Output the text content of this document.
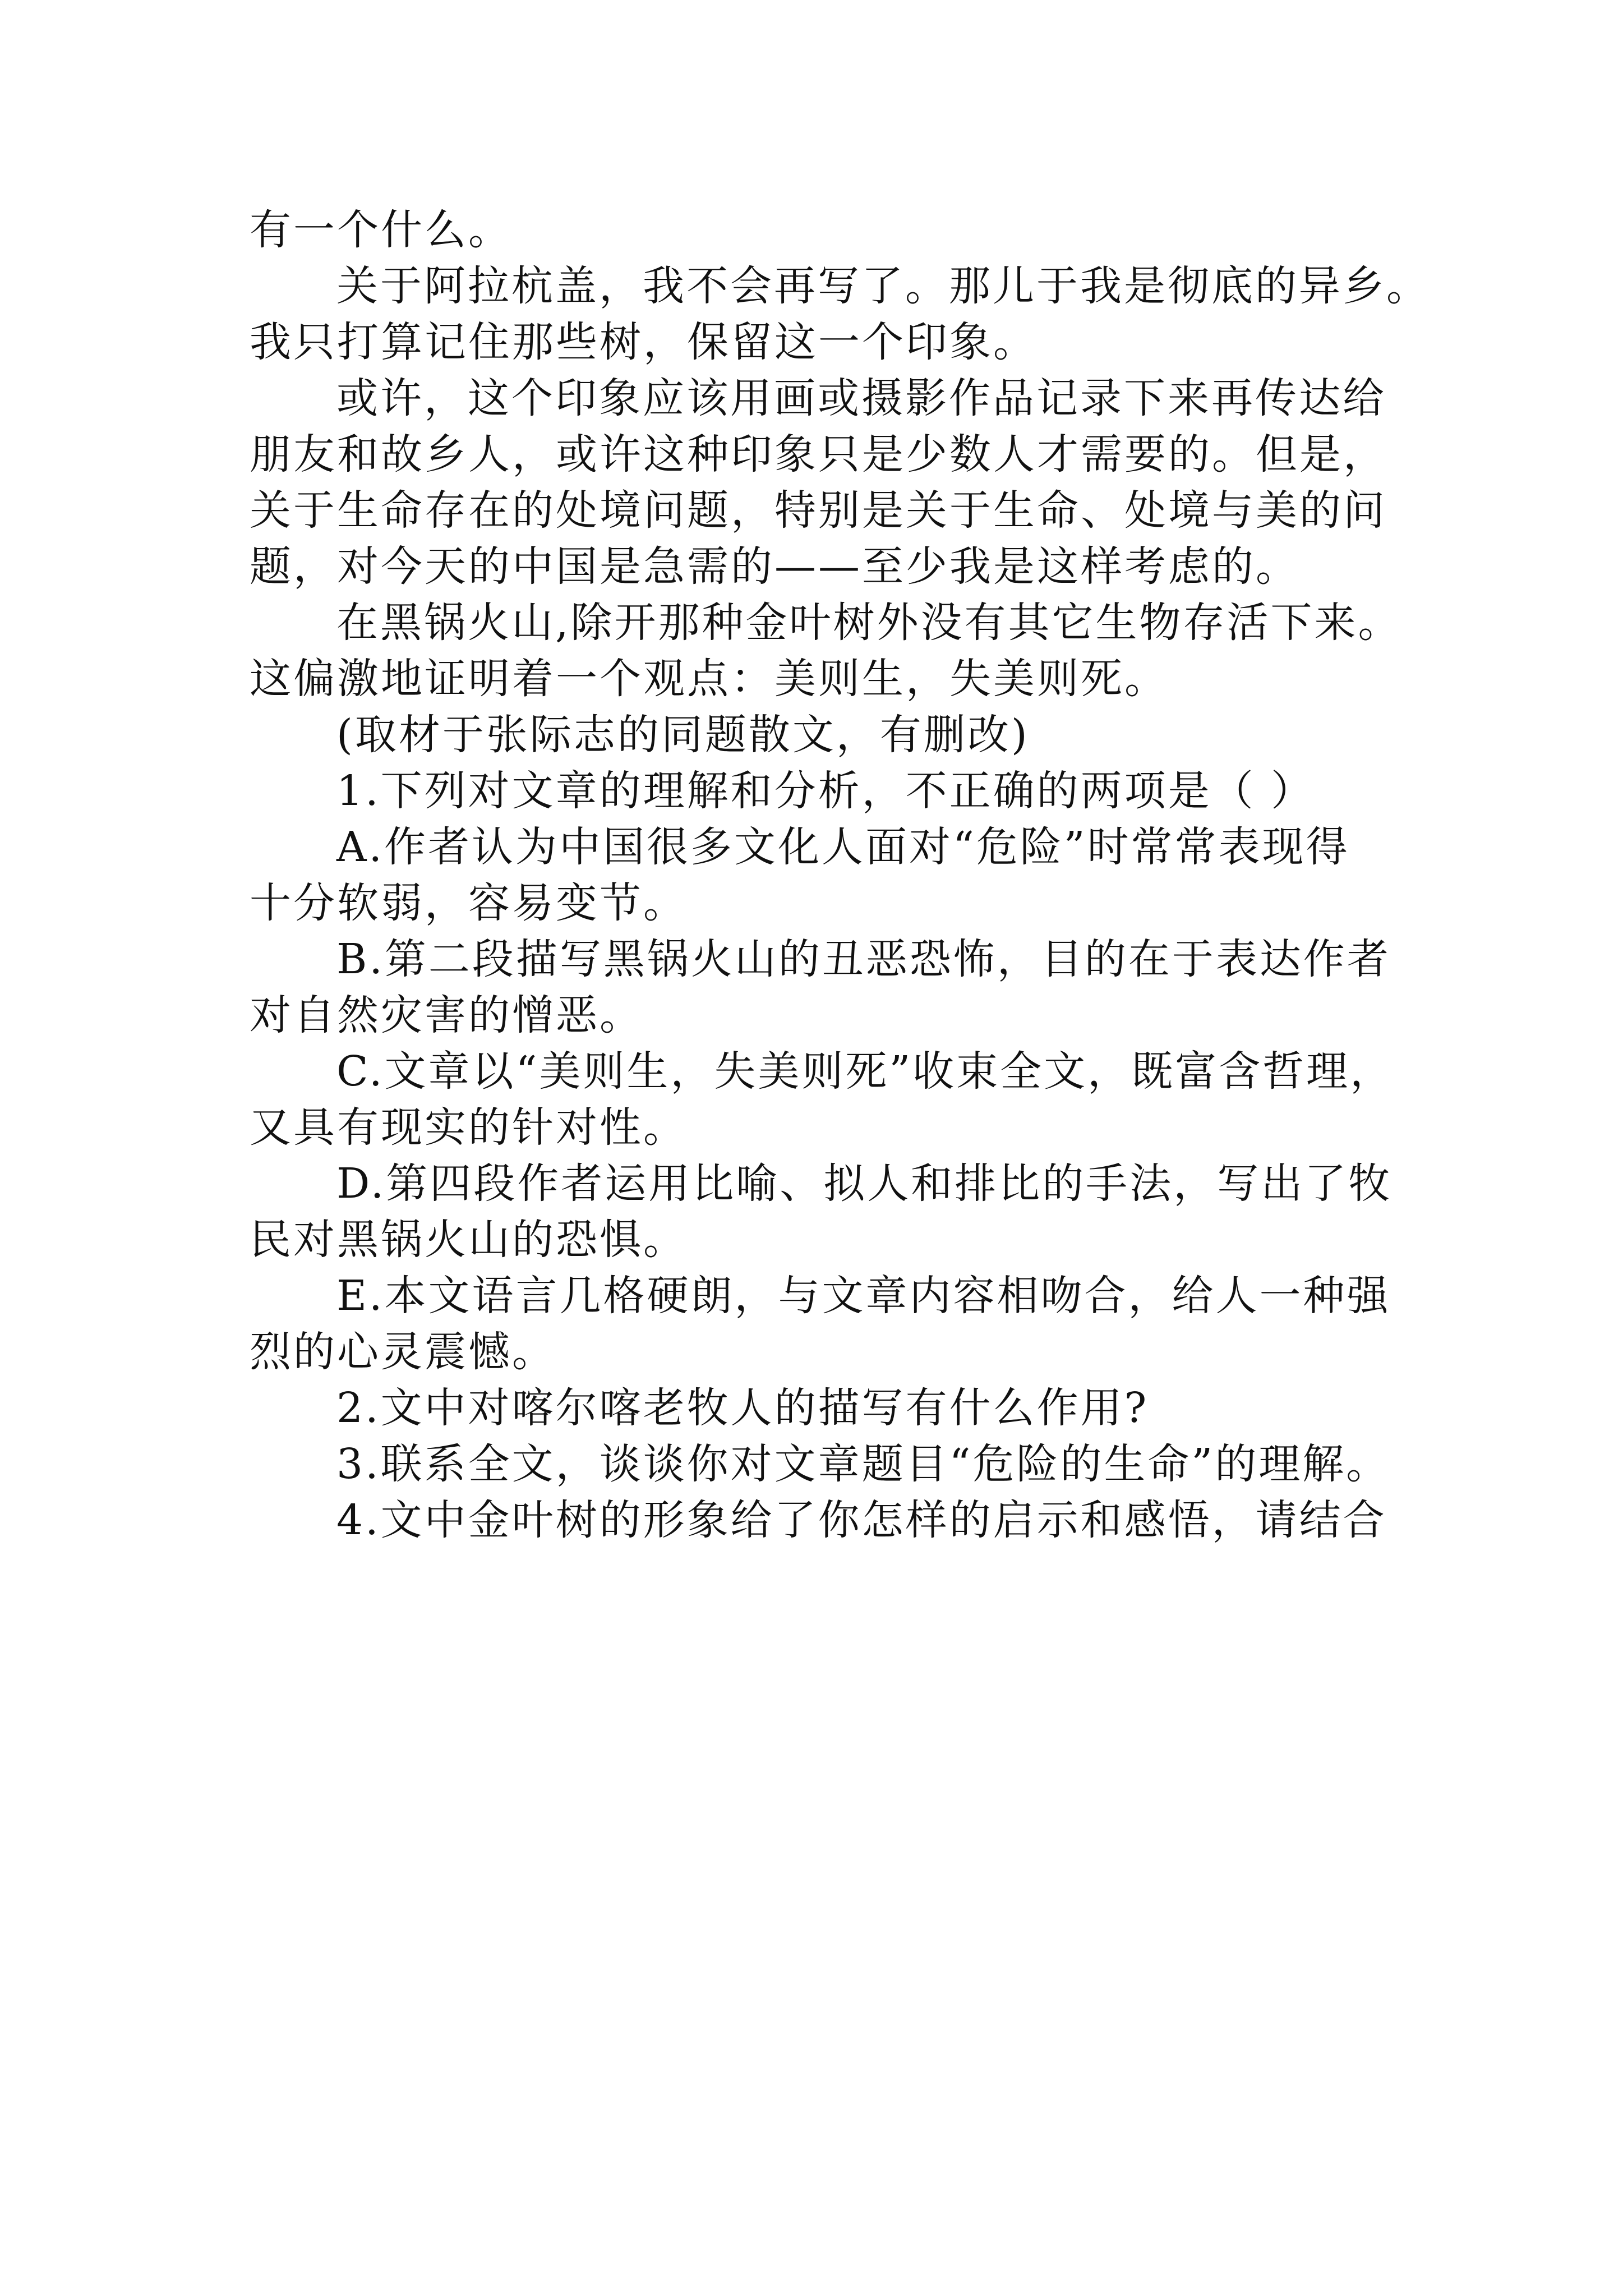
有一个什么。

关于阿拉杭盖，我不会再写了。那儿于我是彻底的异乡。

我只打算记住那些树，保留这一个印象。

或许，这个印象应该用画或摄影作品记录下来再传达给

朋友和故乡人，或许这种印象只是少数人才需要的。但是，

关于生命存在的处境问题，特别是关于生命、处境与美的问

题，对今天的中国是急需的——至少我是这样考虑的。

在黑锅火山,除开那种金叶树外没有其它生物存活下来。

这偏激地证明着一个观点：美则生，失美则死。

(取材于张际志的同题散文，有删改)

1.下列对文章的理解和分析，不正确的两项是（ ）

A.作者认为中国很多文化人面对“危险”时常常表现得

十分软弱，容易变节。

B.第二段描写黑锅火山的丑恶恐怖，目的在于表达作者

对自然灾害的憎恶。

C.文章以“美则生，失美则死”收束全文，既富含哲理，

又具有现实的针对性。

D.第四段作者运用比喻、拟人和排比的手法，写出了牧

民对黑锅火山的恐惧。

E.本文语言几格硬朗，与文章内容相吻合，给人一种强

烈的心灵震憾。

2.文中对喀尔喀老牧人的描写有什么作用?

3.联系全文，谈谈你对文章题目“危险的生命”的理解。

4.文中金叶树的形象给了你怎样的启示和感悟，请结合
